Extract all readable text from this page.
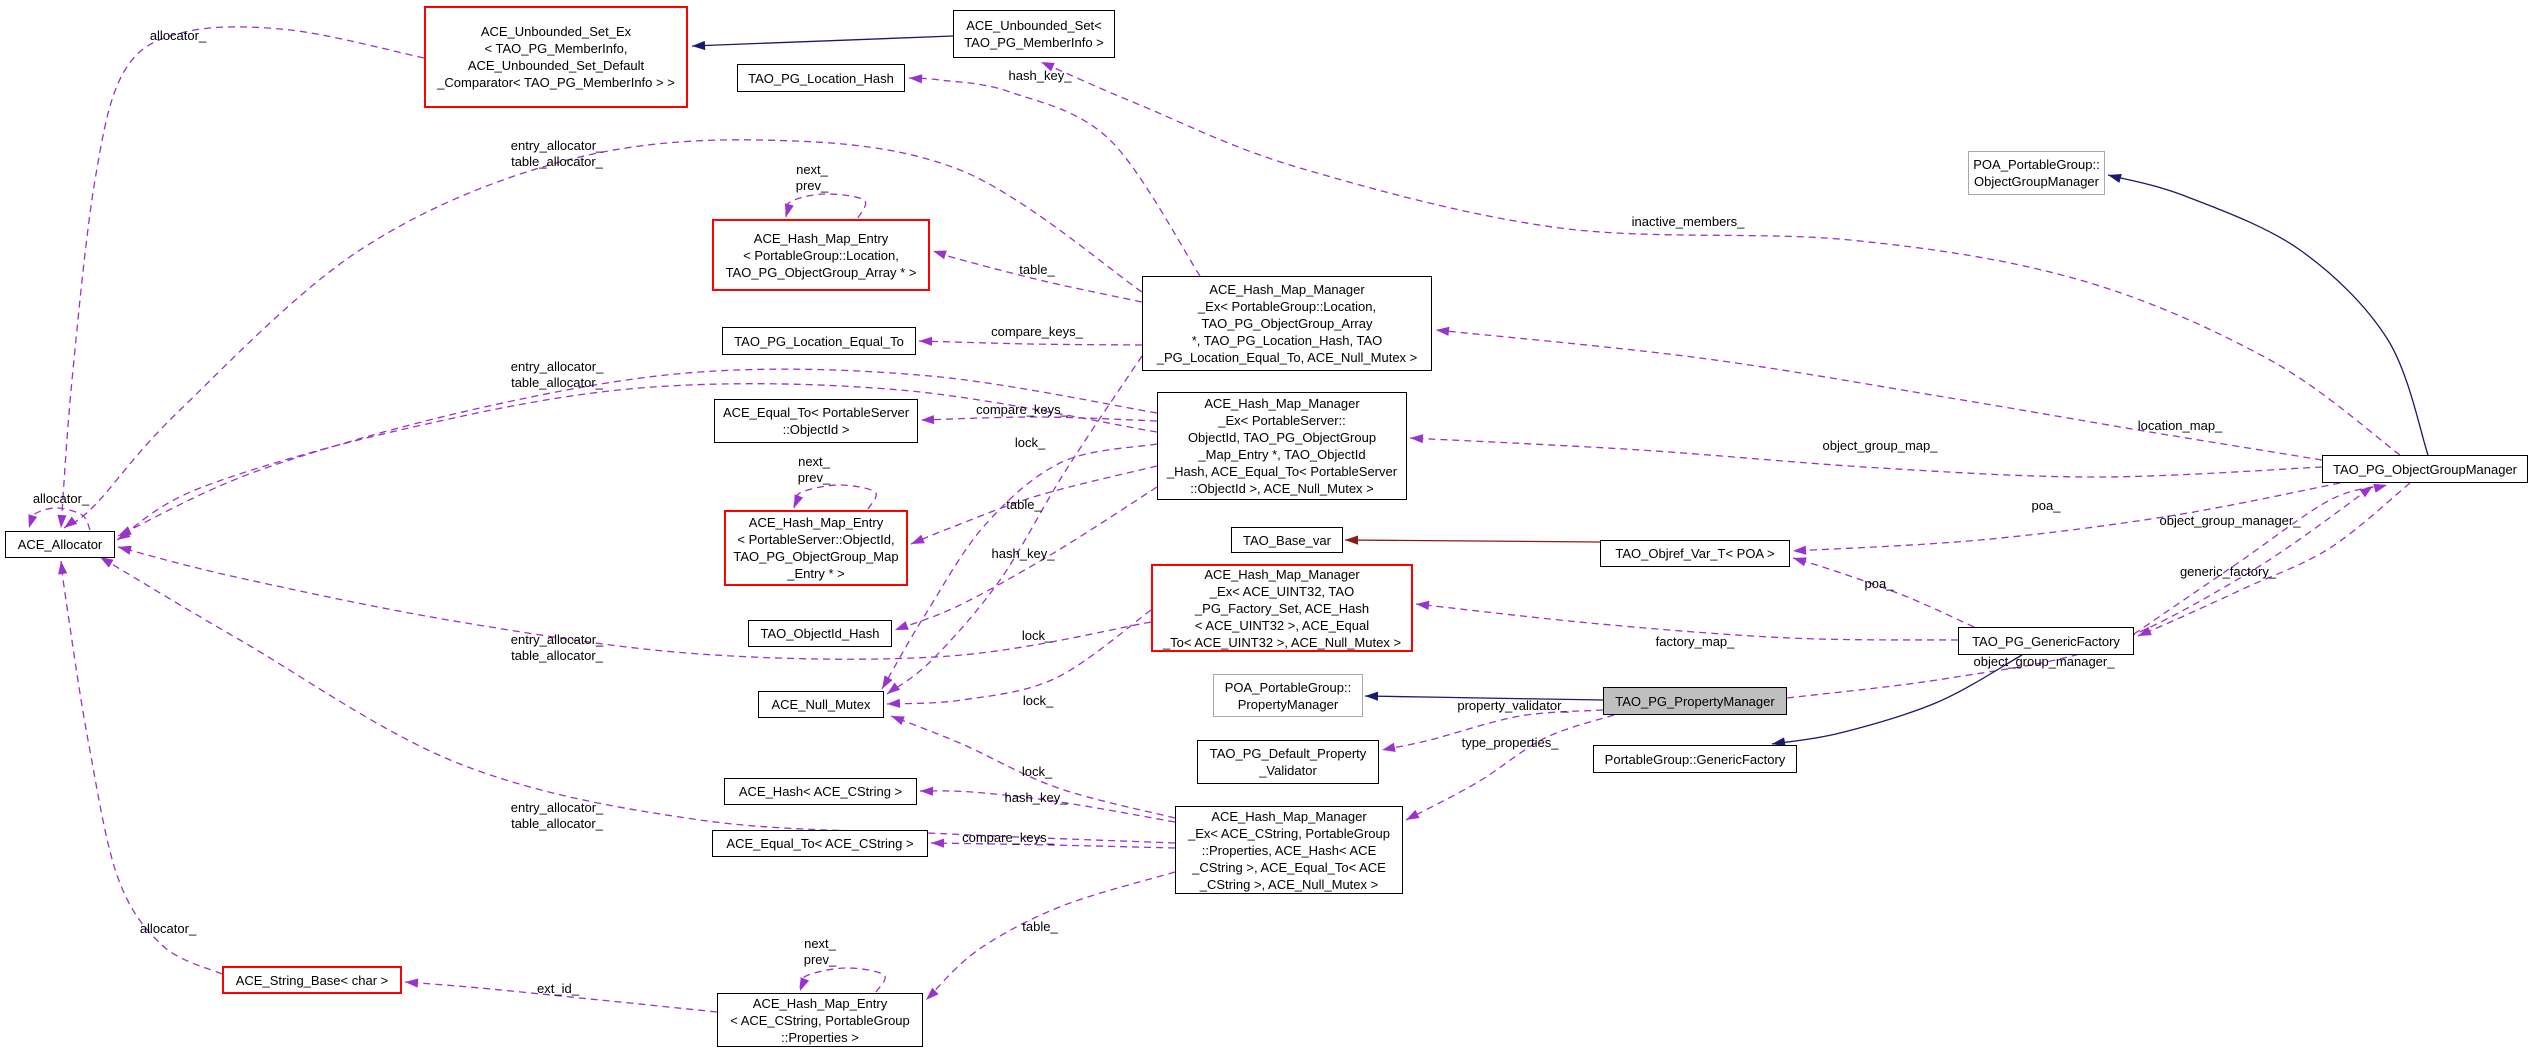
allocator_
hash_key_
inactive_members_
next_
prev_
entry_allocator_
table_allocator_
table_
compare_keys_
location_map_
entry_allocator_
table_allocator_
compare_keys_
lock_
next_
prev_
table_
hash_key_
object_group_map_
poa_
poa_
factory_map_
lock_
lock_
lock_
entry_allocator_
table_allocator_
entry_allocator_
table_allocator_
hash_key_
compare_keys_
table_
next_
prev_
ext_id_
allocator_
property_validator_
type_properties_
object_group_manager_
object_group_manager_
generic_factory_
allocator_
ACE_Unbounded_Set_Ex
< TAO_PG_MemberInfo,
ACE_Unbounded_Set_Default
_Comparator< TAO_PG_MemberInfo > >
ACE_Unbounded_Set<
TAO_PG_MemberInfo >
TAO_PG_Location_Hash
POA_PortableGroup::
ObjectGroupManager
ACE_Hash_Map_Entry
< PortableGroup::Location,
TAO_PG_ObjectGroup_Array * >
ACE_Hash_Map_Manager
_Ex< PortableGroup::Location,
TAO_PG_ObjectGroup_Array
*, TAO_PG_Location_Hash, TAO
_PG_Location_Equal_To, ACE_Null_Mutex >
TAO_PG_Location_Equal_To
ACE_Hash_Map_Manager
_Ex< PortableServer::
ObjectId, TAO_PG_ObjectGroup
_Map_Entry *, TAO_ObjectId
_Hash, ACE_Equal_To< PortableServer
::ObjectId >, ACE_Null_Mutex >
ACE_Equal_To< PortableServer
::ObjectId >
ACE_Hash_Map_Entry
< PortableServer::ObjectId,
TAO_PG_ObjectGroup_Map
_Entry * >
TAO_Base_var
TAO_Objref_Var_T< POA >
ACE_Allocator
TAO_ObjectId_Hash
ACE_Null_Mutex
ACE_Hash_Map_Manager
_Ex< ACE_UINT32, TAO
_PG_Factory_Set, ACE_Hash
< ACE_UINT32 >, ACE_Equal
_To< ACE_UINT32 >, ACE_Null_Mutex >
POA_PortableGroup::
PropertyManager
TAO_PG_Default_Property
_Validator
TAO_PG_PropertyManager
PortableGroup::GenericFactory
TAO_PG_GenericFactory
TAO_PG_ObjectGroupManager
ACE_Hash< ACE_CString >
ACE_Equal_To< ACE_CString >
ACE_Hash_Map_Manager
_Ex< ACE_CString, PortableGroup
::Properties, ACE_Hash< ACE
_CString >, ACE_Equal_To< ACE
_CString >, ACE_Null_Mutex >
ACE_String_Base< char >
ACE_Hash_Map_Entry
< ACE_CString, PortableGroup
::Properties >
